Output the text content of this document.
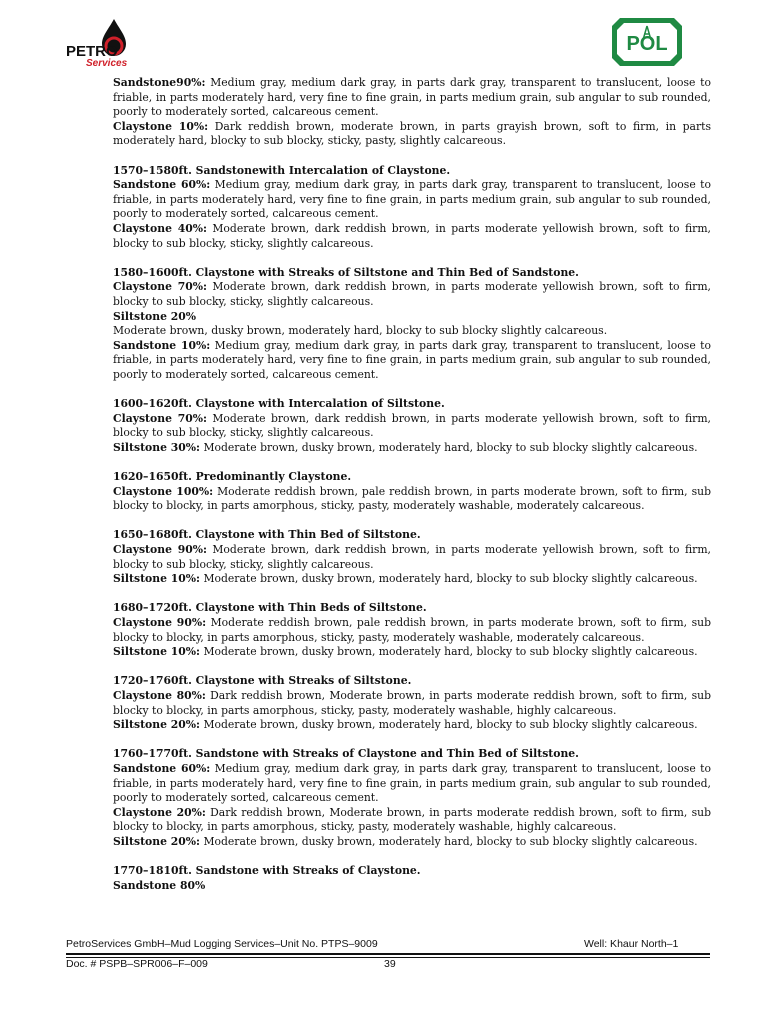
PETRO
Services
POL
Sandstone90%: Medium gray, medium dark gray, in parts dark gray, transparent to translucent, loose to friable, in parts moderately hard, very fine to fine grain, in parts medium grain, sub angular to sub rounded, poorly to moderately sorted, calcareous cement.
Claystone 10%: Dark reddish brown, moderate brown, in parts grayish brown, soft to firm, in parts moderately hard, blocky to sub blocky, sticky, pasty, slightly calcareous.
1570–1580ft. Sandstonewith Intercalation of Claystone.
Sandstone 60%: Medium gray, medium dark gray, in parts dark gray, transparent to translucent, loose to friable, in parts moderately hard, very fine to fine grain, in parts medium grain, sub angular to sub rounded, poorly to moderately sorted, calcareous cement.
Claystone 40%: Moderate brown, dark reddish brown, in parts moderate yellowish brown, soft to firm, blocky to sub blocky, sticky, slightly calcareous.
1580–1600ft. Claystone with Streaks of Siltstone and Thin Bed of Sandstone.
Claystone 70%: Moderate brown, dark reddish brown, in parts moderate yellowish brown, soft to firm, blocky to sub blocky, sticky, slightly calcareous.
Siltstone 20%
Moderate brown, dusky brown, moderately hard, blocky to sub blocky slightly calcareous.
Sandstone 10%: Medium gray, medium dark gray, in parts dark gray, transparent to translucent, loose to friable, in parts moderately hard, very fine to fine grain, in parts medium grain, sub angular to sub rounded, poorly to moderately sorted, calcareous cement.
1600–1620ft. Claystone with Intercalation of Siltstone.
Claystone 70%: Moderate brown, dark reddish brown, in parts moderate yellowish brown, soft to firm, blocky to sub blocky, sticky, slightly calcareous.
Siltstone 30%: Moderate brown, dusky brown, moderately hard, blocky to sub blocky slightly calcareous.
1620–1650ft. Predominantly Claystone.
Claystone 100%: Moderate reddish brown, pale reddish brown, in parts moderate brown, soft to firm, sub blocky to blocky, in parts amorphous, sticky, pasty, moderately washable, moderately calcareous.
1650–1680ft. Claystone with Thin Bed of Siltstone.
Claystone 90%: Moderate brown, dark reddish brown, in parts moderate yellowish brown, soft to firm, blocky to sub blocky, sticky, slightly calcareous.
Siltstone 10%: Moderate brown, dusky brown, moderately hard, blocky to sub blocky slightly calcareous.
1680–1720ft. Claystone with Thin Beds of Siltstone.
Claystone 90%: Moderate reddish brown, pale reddish brown, in parts moderate brown, soft to firm, sub blocky to blocky, in parts amorphous, sticky, pasty, moderately washable, moderately calcareous.
Siltstone 10%: Moderate brown, dusky brown, moderately hard, blocky to sub blocky slightly calcareous.
1720–1760ft. Claystone with Streaks of Siltstone.
Claystone 80%: Dark reddish brown, Moderate brown, in parts moderate reddish brown, soft to firm, sub blocky to blocky, in parts amorphous, sticky, pasty, moderately washable, highly calcareous.
Siltstone 20%: Moderate brown, dusky brown, moderately hard, blocky to sub blocky slightly calcareous.
1760–1770ft. Sandstone with Streaks of Claystone and Thin Bed of Siltstone.
Sandstone 60%: Medium gray, medium dark gray, in parts dark gray, transparent to translucent, loose to friable, in parts moderately hard, very fine to fine grain, in parts medium grain, sub angular to sub rounded, poorly to moderately sorted, calcareous cement.
Claystone 20%: Dark reddish brown, Moderate brown, in parts moderate reddish brown, soft to firm, sub blocky to blocky, in parts amorphous, sticky, pasty, moderately washable, highly calcareous.
Siltstone 20%: Moderate brown, dusky brown, moderately hard, blocky to sub blocky slightly calcareous.
1770–1810ft. Sandstone with Streaks of Claystone.
Sandstone 80%
PetroServices GmbH–Mud Logging Services–Unit No. PTPS–9009	Well: Khaur North–1
Doc. # PSPB–SPR006–F–009	39
